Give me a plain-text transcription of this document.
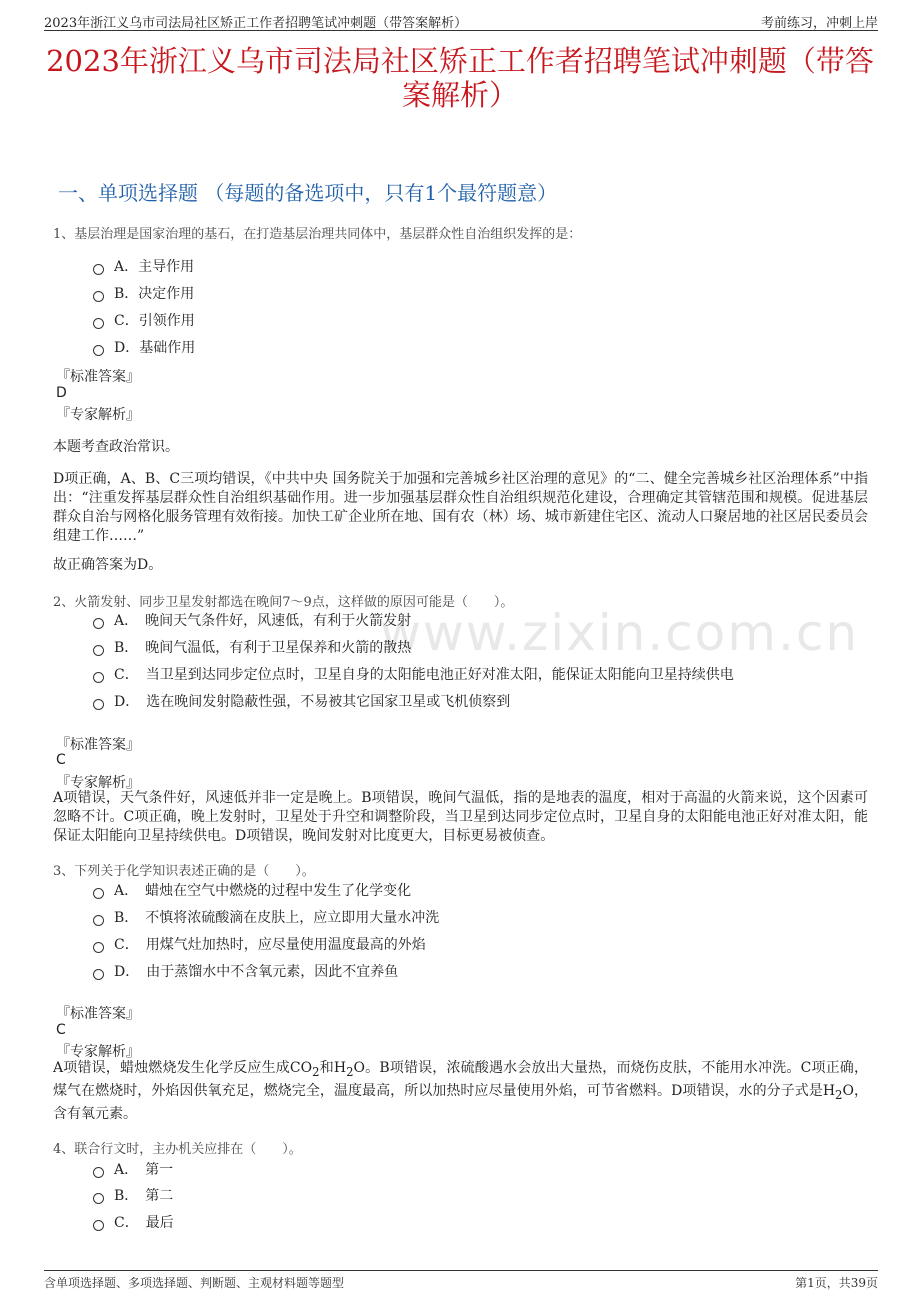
2023年浙江义乌市司法局社区矫正工作者招聘笔试冲刺题（带答案解析）	考前练习，冲刺上岸
2023年浙江义乌市司法局社区矫正工作者招聘笔试冲刺题（带答案解析）
一、单项选择题 （每题的备选项中，只有1个最符题意）
www.zixin.com.cn
1、基层治理是国家治理的基石，在打造基层治理共同体中，基层群众性自治组织发挥的是：
A．主导作用
B．决定作用
C．引领作用
D．基础作用
『标准答案』
D
『专家解析』
本题考查政治常识。
D项正确，A、B、C三项均错误，《中共中央 国务院关于加强和完善城乡社区治理的意见》的“二、健全完善城乡社区治理体系”中指出：“注重发挥基层群众性自治组织基础作用。进一步加强基层群众性自治组织规范化建设，合理确定其管辖范围和规模。促进基层群众自治与网格化服务管理有效衔接。加快工矿企业所在地、国有农（林）场、城市新建住宅区、流动人口聚居地的社区居民委员会组建工作……”
故正确答案为D。
2、火箭发射、同步卫星发射都选在晚间7～9点，这样做的原因可能是（　　）。
A．　晚间天气条件好，风速低，有利于火箭发射
B．　晚间气温低，有利于卫星保养和火箭的散热
C．　当卫星到达同步定位点时，卫星自身的太阳能电池正好对准太阳，能保证太阳能向卫星持续供电
D．　选在晚间发射隐蔽性强，不易被其它国家卫星或飞机侦察到
『标准答案』
C
『专家解析』
A项错误，天气条件好，风速低并非一定是晚上。B项错误，晚间气温低，指的是地表的温度，相对于高温的火箭来说，这个因素可忽略不计。C项正确，晚上发射时，卫星处于升空和调整阶段，当卫星到达同步定位点时，卫星自身的太阳能电池正好对准太阳，能保证太阳能向卫星持续供电。D项错误，晚间发射对比度更大，目标更易被侦查。
3、下列关于化学知识表述正确的是（　　）。
A．　蜡烛在空气中燃烧的过程中发生了化学变化
B．　不慎将浓硫酸滴在皮肤上，应立即用大量水冲洗
C．　用煤气灶加热时，应尽量使用温度最高的外焰
D．　由于蒸馏水中不含氧元素，因此不宜养鱼
『标准答案』
C
『专家解析』
A项错误，蜡烛燃烧发生化学反应生成$CO_2$和$H_2O$。B项错误，浓硫酸遇水会放出大量热，而烧伤皮肤，不能用水冲洗。C项正确，煤气在燃烧时，外焰因供氧充足，燃烧完全，温度最高，所以加热时应尽量使用外焰，可节省燃料。D项错误，水的分子式是$H_2O$，含有氧元素。
4、联合行文时，主办机关应排在（　　）。
A．　第一
B．　第二
C．　最后
含单项选择题、多项选择题、判断题、主观材料题等题型	第1页，共39页
